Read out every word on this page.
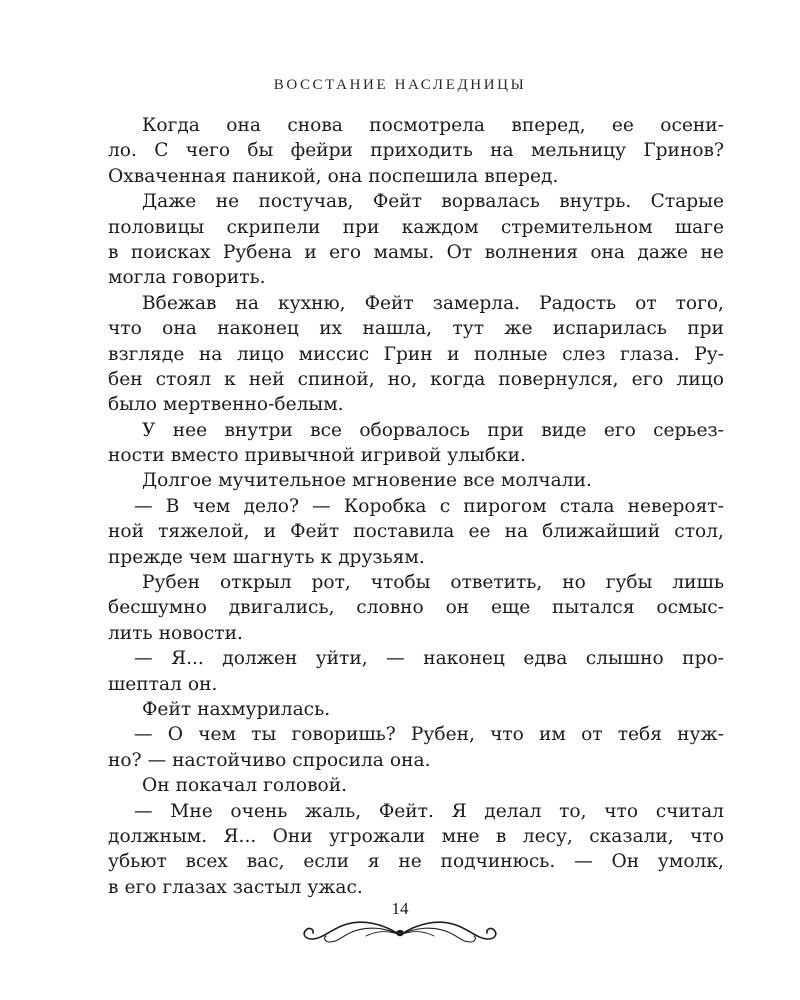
ВОССТАНИЕ НАСЛЕДНИЦЫ
Когда она снова посмотрела вперед, ее осени-
ло. С чего бы фейри приходить на мельницу Гринов?
Охваченная паникой, она поспешила вперед.
Даже не постучав, Фейт ворвалась внутрь. Старые
половицы скрипели при каждом стремительном шаге
в поисках Рубена и его мамы. От волнения она даже не
могла говорить.
Вбежав на кухню, Фейт замерла. Радость от того,
что она наконец их нашла, тут же испарилась при
взгляде на лицо миссис Грин и полные слез глаза. Ру-
бен стоял к ней спиной, но, когда повернулся, его лицо
было мертвенно-белым.
У нее внутри все оборвалось при виде его серьез-
ности вместо привычной игривой улыбки.
Долгое мучительное мгновение все молчали.
— В чем дело? — Коробка с пирогом стала невероят-
ной тяжелой, и Фейт поставила ее на ближайший стол,
прежде чем шагнуть к друзьям.
Рубен открыл рот, чтобы ответить, но губы лишь
бесшумно двигались, словно он еще пытался осмыс-
лить новости.
— Я... должен уйти, — наконец едва слышно про-
шептал он.
Фейт нахмурилась.
— О чем ты говоришь? Рубен, что им от тебя нуж-
но? — настойчиво спросила она.
Он покачал головой.
— Мне очень жаль, Фейт. Я делал то, что считал
должным. Я... Они угрожали мне в лесу, сказали, что
убьют всех вас, если я не подчинюсь. — Он умолк,
в его глазах застыл ужас.
14
